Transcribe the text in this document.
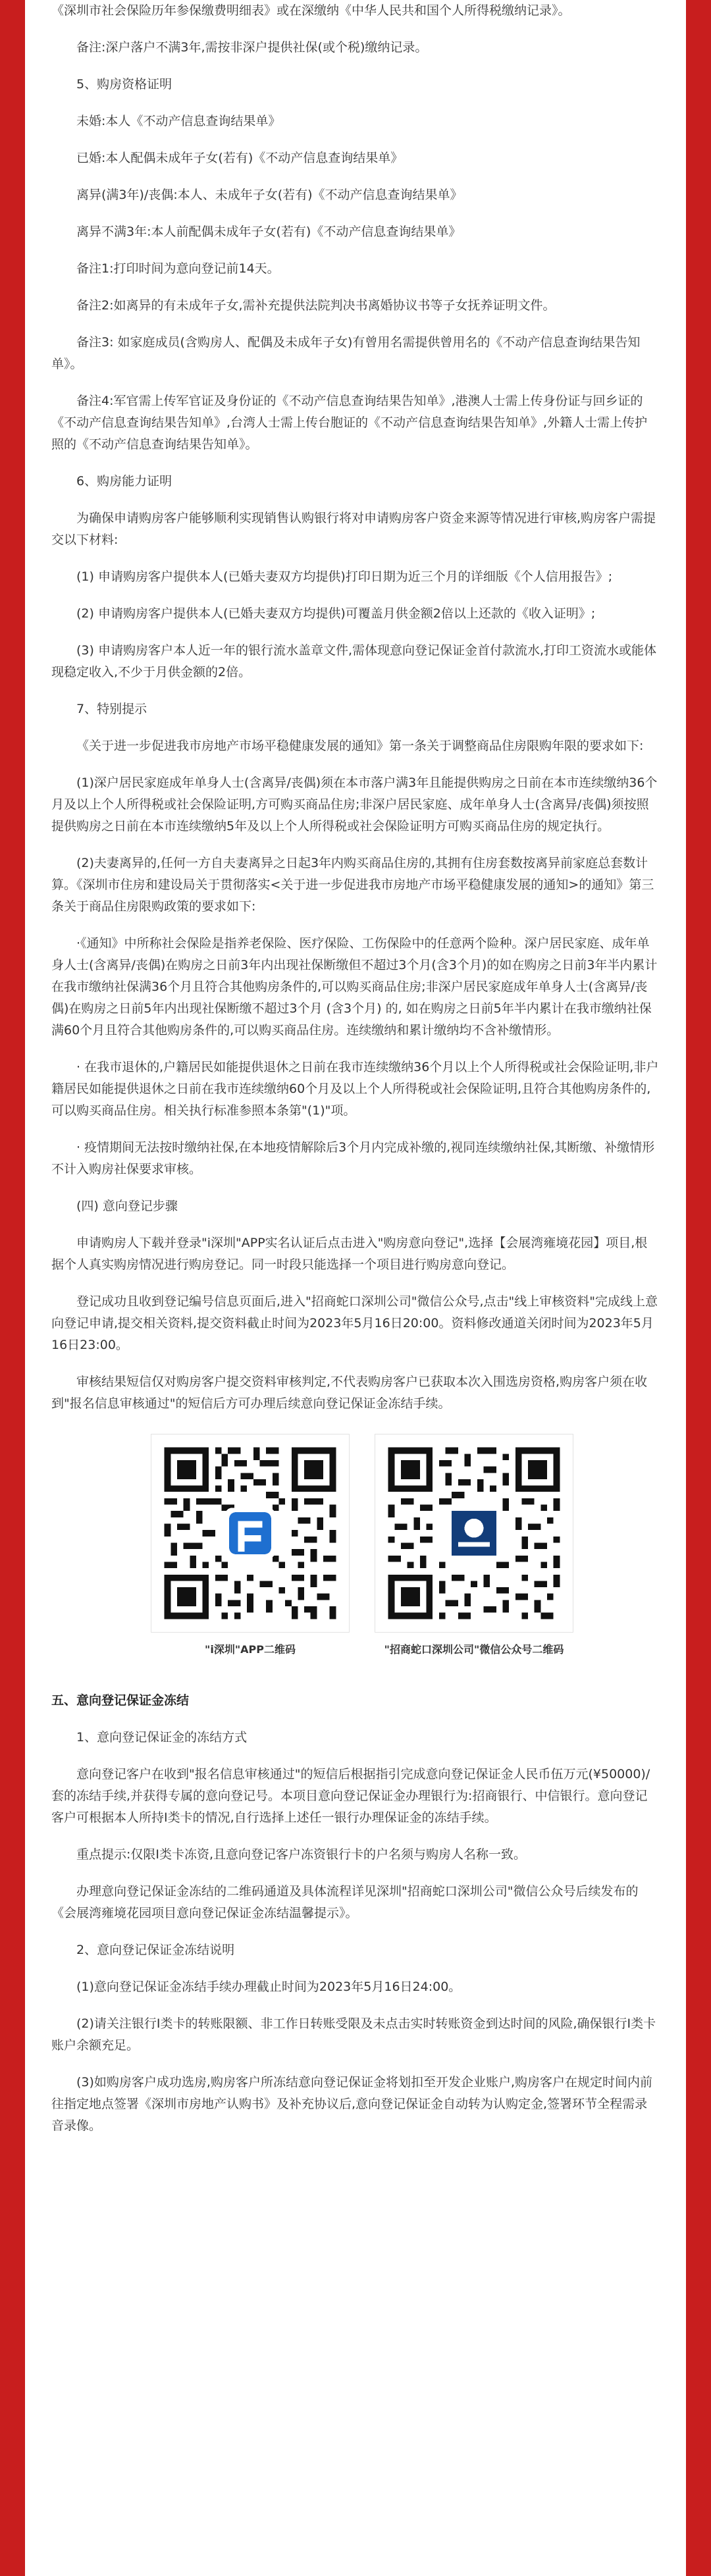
《深圳市社会保险历年参保缴费明细表》或在深缴纳《中华人民共和国个人所得税缴纳记录》。

备注:深户落户不满3年,需按非深户提供社保(或个税)缴纳记录。

5、购房资格证明

未婚:本人《不动产信息查询结果单》

已婚:本人配偶未成年子女(若有)《不动产信息查询结果单》

离异(满3年)/丧偶:本人、未成年子女(若有)《不动产信息查询结果单》

离异不满3年:本人前配偶未成年子女(若有)《不动产信息查询结果单》

备注1:打印时间为意向登记前14天。

备注2:如离异的有未成年子女,需补充提供法院判决书离婚协议书等子女抚养证明文件。

备注3: 如家庭成员(含购房人、配偶及未成年子女)有曾用名需提供曾用名的《不动产信息查询结果告知单》。

备注4:军官需上传军官证及身份证的《不动产信息查询结果告知单》,港澳人士需上传身份证与回乡证的《不动产信息查询结果告知单》,台湾人士需上传台胞证的《不动产信息查询结果告知单》,外籍人士需上传护照的《不动产信息查询结果告知单》。

6、购房能力证明

为确保申请购房客户能够顺利实现销售认购银行将对申请购房客户资金来源等情况进行审核,购房客户需提交以下材料:

(1) 申请购房客户提供本人(已婚夫妻双方均提供)打印日期为近三个月的详细版《个人信用报告》;

(2) 申请购房客户提供本人(已婚夫妻双方均提供)可覆盖月供金额2倍以上还款的《收入证明》;

(3) 申请购房客户本人近一年的银行流水盖章文件,需体现意向登记保证金首付款流水,打印工资流水或能体现稳定收入,不少于月供金额的2倍。

7、特别提示

《关于进一步促进我市房地产市场平稳健康发展的通知》第一条关于调整商品住房限购年限的要求如下:

(1)深户居民家庭成年单身人士(含离异/丧偶)须在本市落户满3年且能提供购房之日前在本市连续缴纳36个月及以上个人所得税或社会保险证明,方可购买商品住房;非深户居民家庭、成年单身人士(含离异/丧偶)须按照提供购房之日前在本市连续缴纳5年及以上个人所得税或社会保险证明方可购买商品住房的规定执行。

(2)夫妻离异的,任何一方自夫妻离异之日起3年内购买商品住房的,其拥有住房套数按离异前家庭总套数计算。《深圳市住房和建设局关于贯彻落实<关于进一步促进我市房地产市场平稳健康发展的通知>的通知》第三条关于商品住房限购政策的要求如下:

·《通知》中所称社会保险是指养老保险、医疗保险、工伤保险中的任意两个险种。深户居民家庭、成年单身人士(含离异/丧偶)在购房之日前3年内出现社保断缴但不超过3个月(含3个月)的如在购房之日前3年半内累计在我市缴纳社保满36个月且符合其他购房条件的,可以购买商品住房;非深户居民家庭成年单身人士(含离异/丧偶)在购房之日前5年内出现社保断缴不超过3个月 (含3个月) 的, 如在购房之日前5年半内累计在我市缴纳社保满60个月且符合其他购房条件的,可以购买商品住房。连续缴纳和累计缴纳均不含补缴情形。

· 在我市退休的,户籍居民如能提供退休之日前在我市连续缴纳36个月以上个人所得税或社会保险证明,非户籍居民如能提供退休之日前在我市连续缴纳60个月及以上个人所得税或社会保险证明,且符合其他购房条件的,可以购买商品住房。相关执行标准参照本条第"(1)"项。

· 疫情期间无法按时缴纳社保,在本地疫情解除后3个月内完成补缴的,视同连续缴纳社保,其断缴、补缴情形不计入购房社保要求审核。

(四) 意向登记步骤

申请购房人下载并登录"i深圳"APP实名认证后点击进入"购房意向登记",选择【会展湾雍境花园】项目,根据个人真实购房情况进行购房登记。同一时段只能选择一个项目进行购房意向登记。

登记成功且收到登记编号信息页面后,进入"招商蛇口深圳公司"微信公众号,点击"线上审核资料"完成线上意向登记申请,提交相关资料,提交资料截止时间为2023年5月16日20:00。资料修改通道关闭时间为2023年5月16日23:00。

审核结果短信仅对购房客户提交资料审核判定,不代表购房客户已获取本次入围选房资格,购房客户须在收到"报名信息审核通过"的短信后方可办理后续意向登记保证金冻结手续。

"i深圳"APP二维码	"招商蛇口深圳公司"微信公众号二维码

五、意向登记保证金冻结

1、意向登记保证金的冻结方式

意向登记客户在收到"报名信息审核通过"的短信后根据指引完成意向登记保证金人民币伍万元(¥50000)/套的冻结手续,并获得专属的意向登记号。本项目意向登记保证金办理银行为:招商银行、中信银行。意向登记客户可根据本人所持I类卡的情况,自行选择上述任一银行办理保证金的冻结手续。

重点提示:仅限I类卡冻资,且意向登记客户冻资银行卡的户名须与购房人名称一致。

办理意向登记保证金冻结的二维码通道及具体流程详见深圳"招商蛇口深圳公司"微信公众号后续发布的《会展湾雍境花园项目意向登记保证金冻结温馨提示》。

2、意向登记保证金冻结说明

(1)意向登记保证金冻结手续办理截止时间为2023年5月16日24:00。

(2)请关注银行Ⅰ类卡的转账限额、非工作日转账受限及未点击实时转账资金到达时间的风险,确保银行Ⅰ类卡账户余额充足。

(3)如购房客户成功选房,购房客户所冻结意向登记保证金将划扣至开发企业账户,购房客户在规定时间内前往指定地点签署《深圳市房地产认购书》及补充协议后,意向登记保证金自动转为认购定金,签署环节全程需录音录像。
